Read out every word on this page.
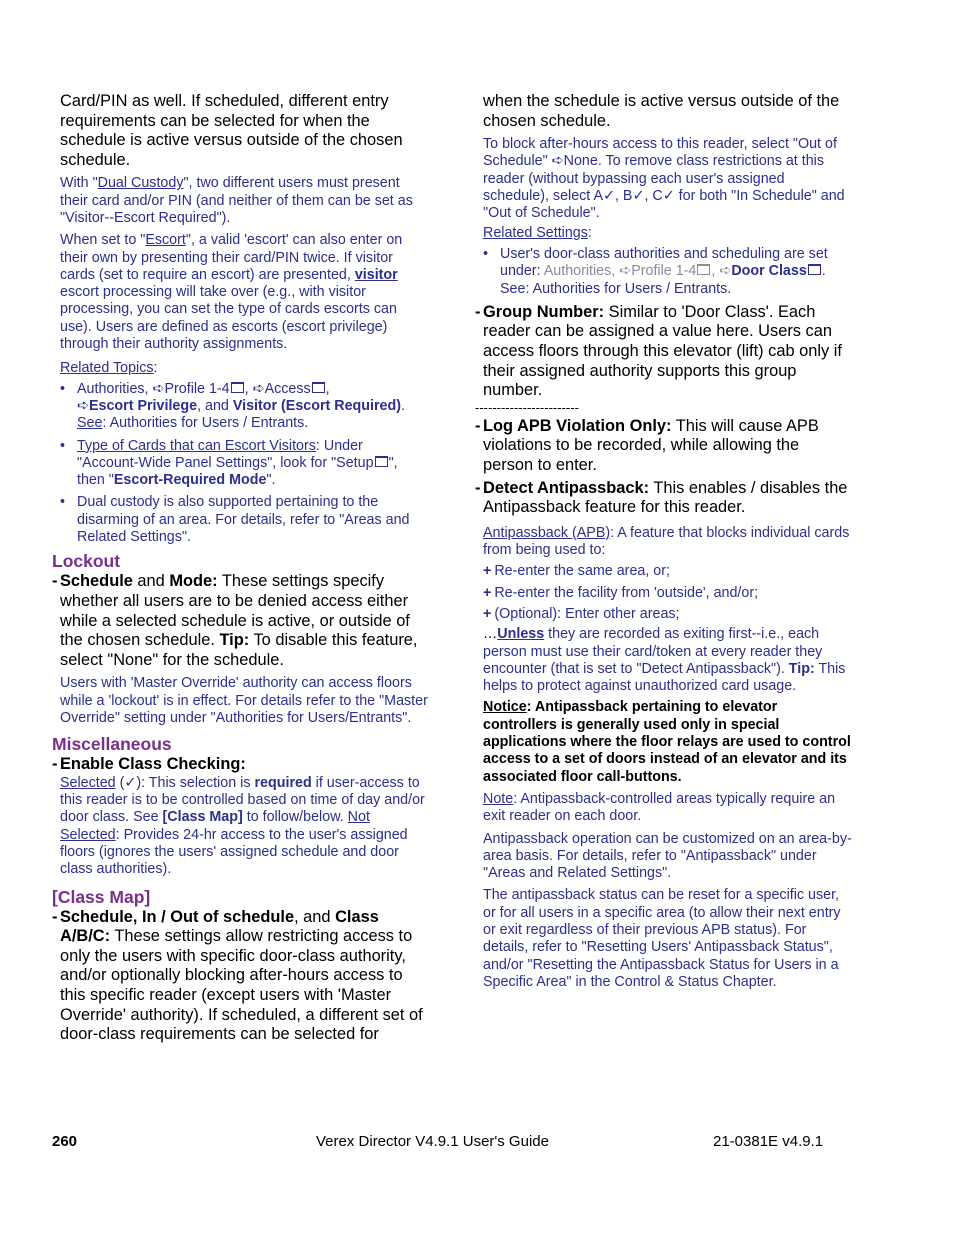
Card/PIN as well. If scheduled, different entry requirements can be selected for when the schedule is active versus outside of the chosen schedule.

With "Dual Custody", two different users must present their card and/or PIN (and neither of them can be set as "Visitor--Escort Required").

When set to "Escort", a valid 'escort' can also enter on their own by presenting their card/PIN twice. If visitor cards (set to require an escort) are presented, visitor escort processing will take over (e.g., with visitor processing, you can set the type of cards escorts can use). Users are defined as escorts (escort privilege) through their authority assignments.

Related Topics:

• Authorities, ➪Profile 1-4 , ➪Access ,
➪Escort Privilege, and Visitor (Escort Required).
See: Authorities for Users / Entrants.
• Type of Cards that can Escort Visitors: Under "Account-Wide Panel Settings", look for "Setup ", then "Escort-Required Mode".
• Dual custody is also supported pertaining to the disarming of an area. For details, refer to "Areas and Related Settings".
Lockout

- Schedule and Mode: These settings specify whether all users are to be denied access either while a selected schedule is active, or outside of the chosen schedule. Tip: To disable this feature, select "None" for the schedule.

Users with 'Master Override' authority can access floors while a 'lockout' is in effect. For details refer to the "Master Override" setting under "Authorities for Users/Entrants".

Miscellaneous

- Enable Class Checking:

Selected (✓): This selection is required if user-access to this reader is to be controlled based on time of day and/or door class. See [Class Map] to follow/below. Not Selected: Provides 24-hr access to the user's assigned floors (ignores the users' assigned schedule and door class authorities).

[Class Map]

- Schedule, In / Out of schedule, and Class A/B/C: These settings allow restricting access to only the users with specific door-class authority, and/or optionally blocking after-hours access to this specific reader (except users with 'Master Override' authority). If scheduled, a different set of door-class requirements can be selected for

when the schedule is active versus outside of the chosen schedule.

To block after-hours access to this reader, select "Out of Schedule" ➪None. To remove class restrictions at this reader (without bypassing each user's assigned schedule), select A✓, B✓, C✓ for both "In Schedule" and "Out of Schedule".

Related Settings:

• User's door-class authorities and scheduling are set under: Authorities, ➪Profile 1-4 , ➪Door Class . See: Authorities for Users / Entrants.

- Group Number: Similar to 'Door Class'. Each reader can be assigned a value here. Users can access floors through this elevator (lift) cab only if their assigned authority supports this group number.

------------------------

- Log APB Violation Only: This will cause APB violations to be recorded, while allowing the person to enter.

- Detect Antipassback: This enables / disables the Antipassback feature for this reader.

Antipassback (APB): A feature that blocks individual cards from being used to:

+ Re-enter the same area, or;

+ Re-enter the facility from 'outside', and/or;

+ (Optional): Enter other areas;

…Unless they are recorded as exiting first--i.e., each person must use their card/token at every reader they encounter (that is set to "Detect Antipassback"). Tip: This helps to protect against unauthorized card usage.

Notice: Antipassback pertaining to elevator controllers is generally used only in special applications where the floor relays are used to control access to a set of doors instead of an elevator and its associated floor call-buttons.

Note: Antipassback-controlled areas typically require an exit reader on each door.

Antipassback operation can be customized on an area-by-area basis. For details, refer to "Antipassback" under "Areas and Related Settings".

The antipassback status can be reset for a specific user, or for all users in a specific area (to allow their next entry or exit regardless of their previous APB status). For details, refer to "Resetting Users' Antipassback Status", and/or "Resetting the Antipassback Status for Users in a Specific Area" in the Control & Status Chapter.

260	Verex Director V4.9.1 User's Guide	21-0381E v4.9.1
